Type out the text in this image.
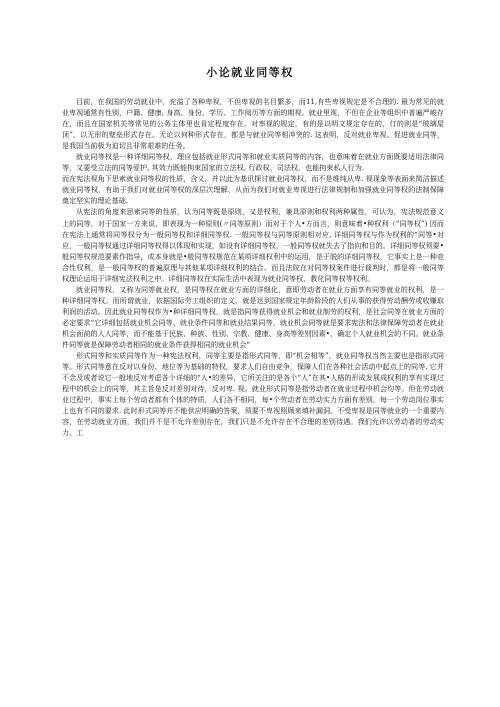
小论就业同等权

目前，在我国的劳动就业中，充溢了各种卑视，不但卑视的名目繁多，而11,有些卑视规定是不合理的. 最为常见的就业卑视通常有性别、户籍、健康, 身高、身份、学历、工作阅历等方面的期视。就业里视，不但在企业等组织中普遍严峻存在，而且在国家机关等常见的公务主体里也肯定程度存在。对率视的规定，有的是以明文规定存在的，仃的则是“玻璃屋顶”，以无形的壁垒形式存在。无论以何种形式存在，都是与就业同等相冲突的. 这表明，反对就业卑视、促进就业同等，是我国当前极为迫切且非常艰难的任务。

就业同等权是一种详细同等权，理应包括就业形式同等和就业实质同等的内容，也意味着在就业方面既要适用法律同等，又要受立法的同等爱护, 其效力既能拘束国家的立法权, 行政权、司法权，也能拘束私人行为.

而在宪法视角下思索就业同等权的性质，含义，并以此为基讯探讨就业同等权，而不是维纯从卑. 视现象等表面来简洁描述就业同等权，有助于我们对就业同等权的深层次理解，从而为我们对就业卑视进行法律规制和加强就业同等权的法制保障奠定坚实的理论基础.

从宪法的角度来思索同等的性质，认为同等既是原则，又是权利，兼具原则和权利两种属性，可认为，宪法规范意义上的同等，对于国家一方来说，即表现为一种原则(〃同等原则）而对于个人•方而言，则意味着•种权利（“同等权”) 因而在宪法上通常将同等权分为一般同等权和详细同等权. 一般同等权与同等原则相对应, 详细同等权与作为权利的“同等•对应，一般同等权通过详细同等权得以体现和实现，如没有详细同等权，一般同等权就失去了指向和目的。详细同等权须要•般同等权规范要素作指导，或本身就是•般同等权规范在某项详细权利中的运用，是于脱的详细同等权，它事实上是一种竞合性权利，是一般同等权的普遍原理与其他某项详细权利的结合。而且法院在对同等权案件进行裁判时，都是将一般同等权理论运用于详细宪法权利之中。详细同等权在实际生活中表现为就业同等权、教化同等权等权利。

就业同等权，又称为同等就业权，是同等权在就业方面的详细化，意即劳动者在就业方面享有同等就业的权利，是一种详细同等权。而所谓就业，依据国际劳工组织的定义，就是达到国家规定年龄阶段的人们从事的获得劳动酬劳或收赚取利润的活动。因此就业同等权作为•种详细同等权，就是指同等获得就业机会和就业制劳的权利，是社会同等在就业方面的必定要求“它详细包括就业机会同等、就业条件同等和就业结果同等，就业机会同等就是要求宪法和法律保障劳动者在就业机会面前的人人同等，而不能基于民族、种族、性别、宗教、健康、身高等差别因素•，确定个人就业机会的不同。就业条件同等就是保障劳动者相同的就业条件获得相同的就业机会“

形式同等和实质同等作为一种宪法权利，同等主要是指形式同等，即“机会相等”，就业同等权当然主要也是指形式同等。形式同等意在反对以身份、地位等为基础的特权，要求人们自由竞争，保障人们在各种社会活动中起点上的同等, 它并不念及或者说它一般地反对考虑各个详细的“人•的差异，它所关注的是各个“人”在其•人格的形成发展成权利的享有实现过程中的机会上的同等，其主旨是反对差别对待，反对卑. 视。就业形式同等是指劳动者在就业过程中机会均等。但在劳动就业过程中，事实上每个劳动者都有个体的特质，人们各不相同，每•个劳动者在劳动实力方面有差别，每一个劳动岗位事实上也有不同的要求. 此时形式同等并不能供应明确的答案，须要不卑视照顾来填补漏洞。不受卑视是同等就业的一个重要内容，在劳动就业方面，我们并不是不允许差别存在，我们只是不允许存在不合理的差别待遇。我们允许以劳动者的劳动实力、工
